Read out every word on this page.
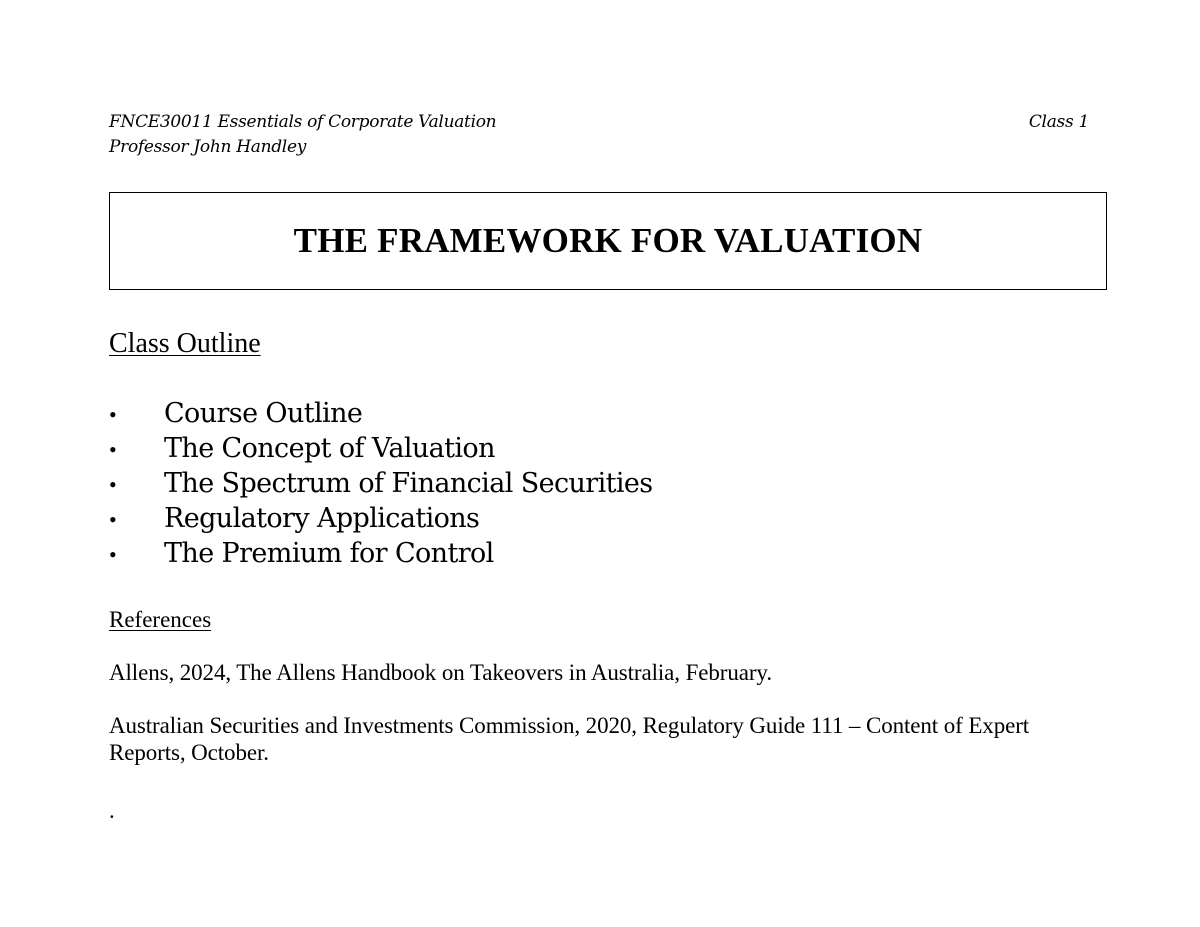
FNCE30011 Essentials of Corporate Valuation
Professor John Handley
Class 1
THE FRAMEWORK FOR VALUATION
Class Outline
•	Course Outline
•	The Concept of Valuation
•	The Spectrum of Financial Securities
•	Regulatory Applications
•	The Premium for Control
References
Allens, 2024, The Allens Handbook on Takeovers in Australia, February.
Australian Securities and Investments Commission, 2020, Regulatory Guide 111 – Content of Expert Reports, October.
.
